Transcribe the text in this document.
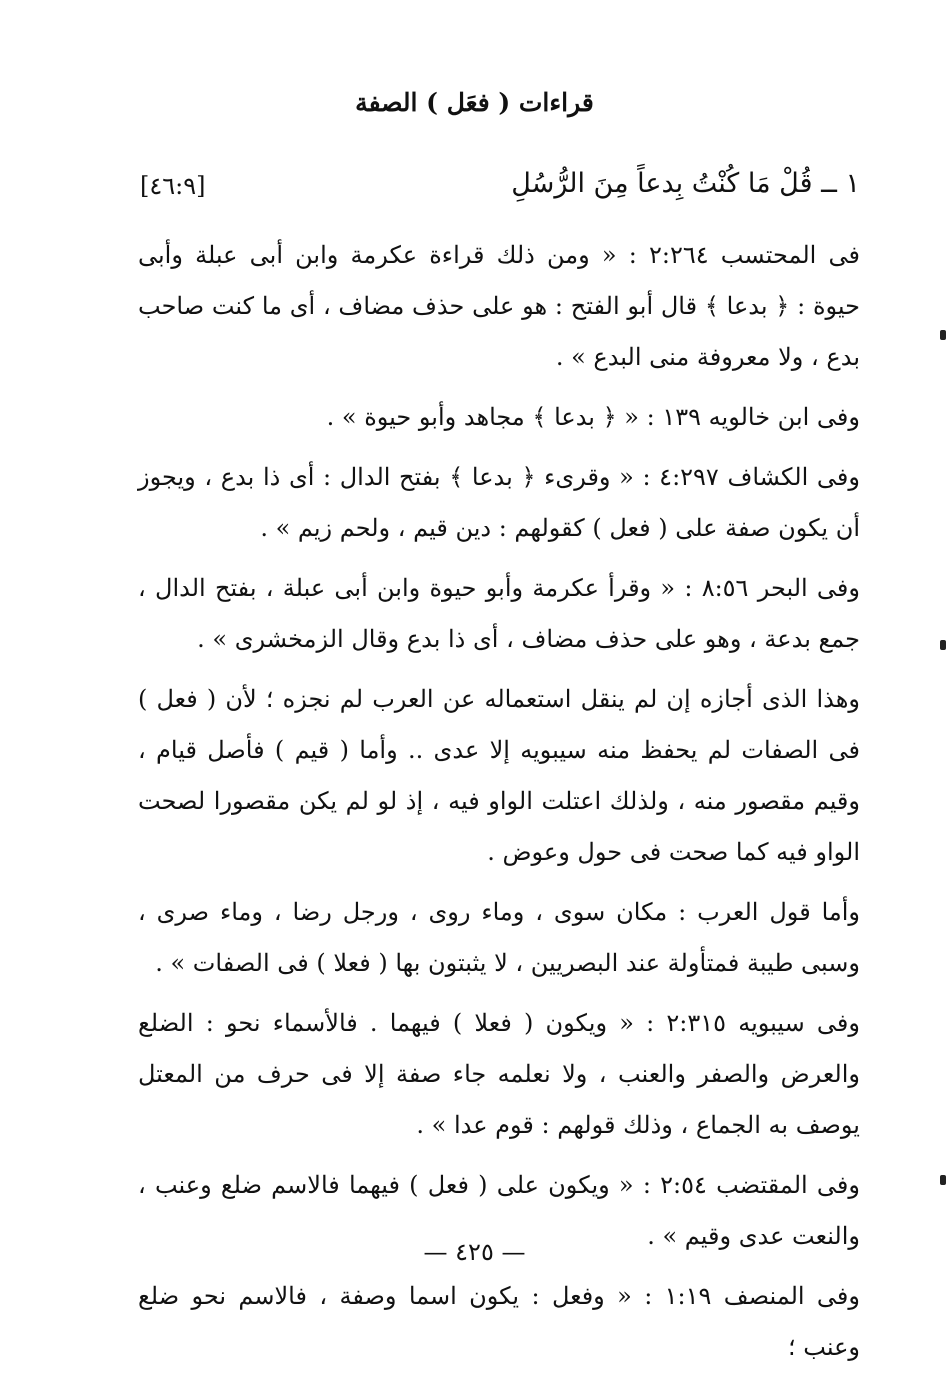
قراءات ( فعَل ) الصفة
[٤٦:٩]	١ ــ قُلْ مَا كُنْتُ بِدعاً مِنَ الرُّسُلِ

فى المحتسب ٢:٢٦٤ : « ومن ذلك قراءة عكرمة وابن أبى عبلة وأبى حيوة : ﴿ بدعا ﴾ قال أبو الفتح : هو على حذف مضاف ، أى ما كنت صاحب بدع ، ولا معروفة منى البدع » .

وفى ابن خالويه ١٣٩ : « ﴿ بدعا ﴾ مجاهد وأبو حيوة » .

وفى الكشاف ٤:٢٩٧ : « وقرىء ﴿ بدعا ﴾ بفتح الدال : أى ذا بدع ، ويجوز أن يكون صفة على ( فعل ) كقولهم : دين قيم ، ولحم زيم » .

وفى البحر ٨:٥٦ : « وقرأ عكرمة وأبو حيوة وابن أبى عبلة ، بفتح الدال ، جمع بدعة ، وهو على حذف مضاف ، أى ذا بدع وقال الزمخشرى » .

وهذا الذى أجازه إن لم ينقل استعماله عن العرب لم نجزه ؛ لأن ( فعل ) فى الصفات لم يحفظ منه سيبويه إلا عدى .. وأما ( قيم ) فأصل قيام ، وقيم مقصور منه ، ولذلك اعتلت الواو فيه ، إذ لو لم يكن مقصورا لصحت الواو فيه كما صحت فى حول وعوض .

وأما قول العرب : مكان سوى ، وماء روى ، ورجل رضا ، وماء صرى ، وسبى طيبة فمتأولة عند البصريين ، لا يثبتون بها ( فعلا ) فى الصفات » .

وفى سيبويه ٢:٣١٥ : « ويكون ( فعلا ) فيهما . فالأسماء نحو : الضلع والعرض والصفر والعنب ، ولا نعلمه جاء صفة إلا فى حرف من المعتل يوصف به الجماع ، وذلك قولهم : قوم عدا » .

وفى المقتضب ٢:٥٤ : « ويكون على ( فعل ) فيهما فالاسم ضلع وعنب ، والنعت عدى وقيم » .

وفى المنصف ١:١٩ : « وفعل : يكون اسما وصفة ، فالاسم نحو ضلع وعنب ؛

— ٤٢٥ —
